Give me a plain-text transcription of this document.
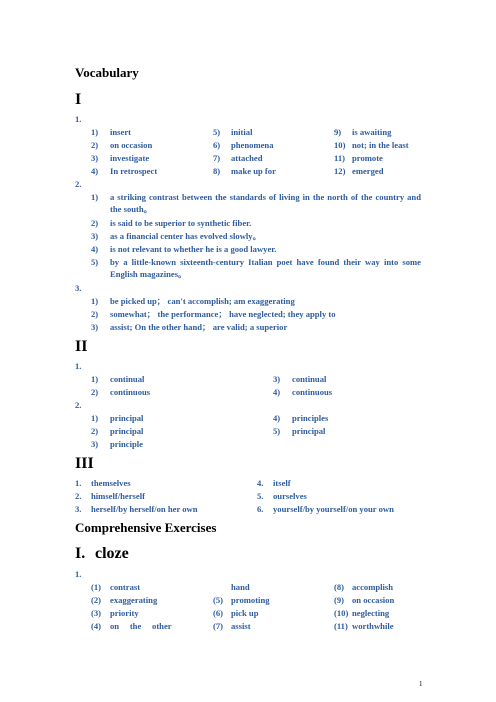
Vocabulary
I
1.
1) insert
2) on occasion
3) investigate
4) In retrospect
5) initial
6) phenomena
7) attached
8) make up for
9) is awaiting
10) not; in the least
11) promote
12) emerged
2.
1) a striking contrast between the standards of living in the north of the country and the south。
2) is said to be superior to synthetic fiber.
3) as a financial center has evolved slowly。
4) is not relevant to whether he is a good lawyer.
5) by a little-known sixteenth-century Italian poet have found their way into some English magazines。
3.
1) be picked up； can't accomplish; am exaggerating
2) somewhat； the performance； have neglected; they apply to
3) assist; On the other hand； are valid; a superior
II
1.
1) continual
2) continuous
3) continual
4) continuous
2.
1) principal
2) principal
3) principle
4) principles
5) principal
III
1. themselves
2. himself/herself
3. herself/by herself/on her own
4. itself
5. ourselves
6. yourself/by yourself/on your own
Comprehensive Exercises
I. cloze
1.
(1) contrast
(2) exaggerating
(3) priority
(4) on     the     other
hand
(5) promoting
(6) pick up
(7) assist
(8) accomplish
(9) on occasion
(10) neglecting
(11) worthwhile
1
